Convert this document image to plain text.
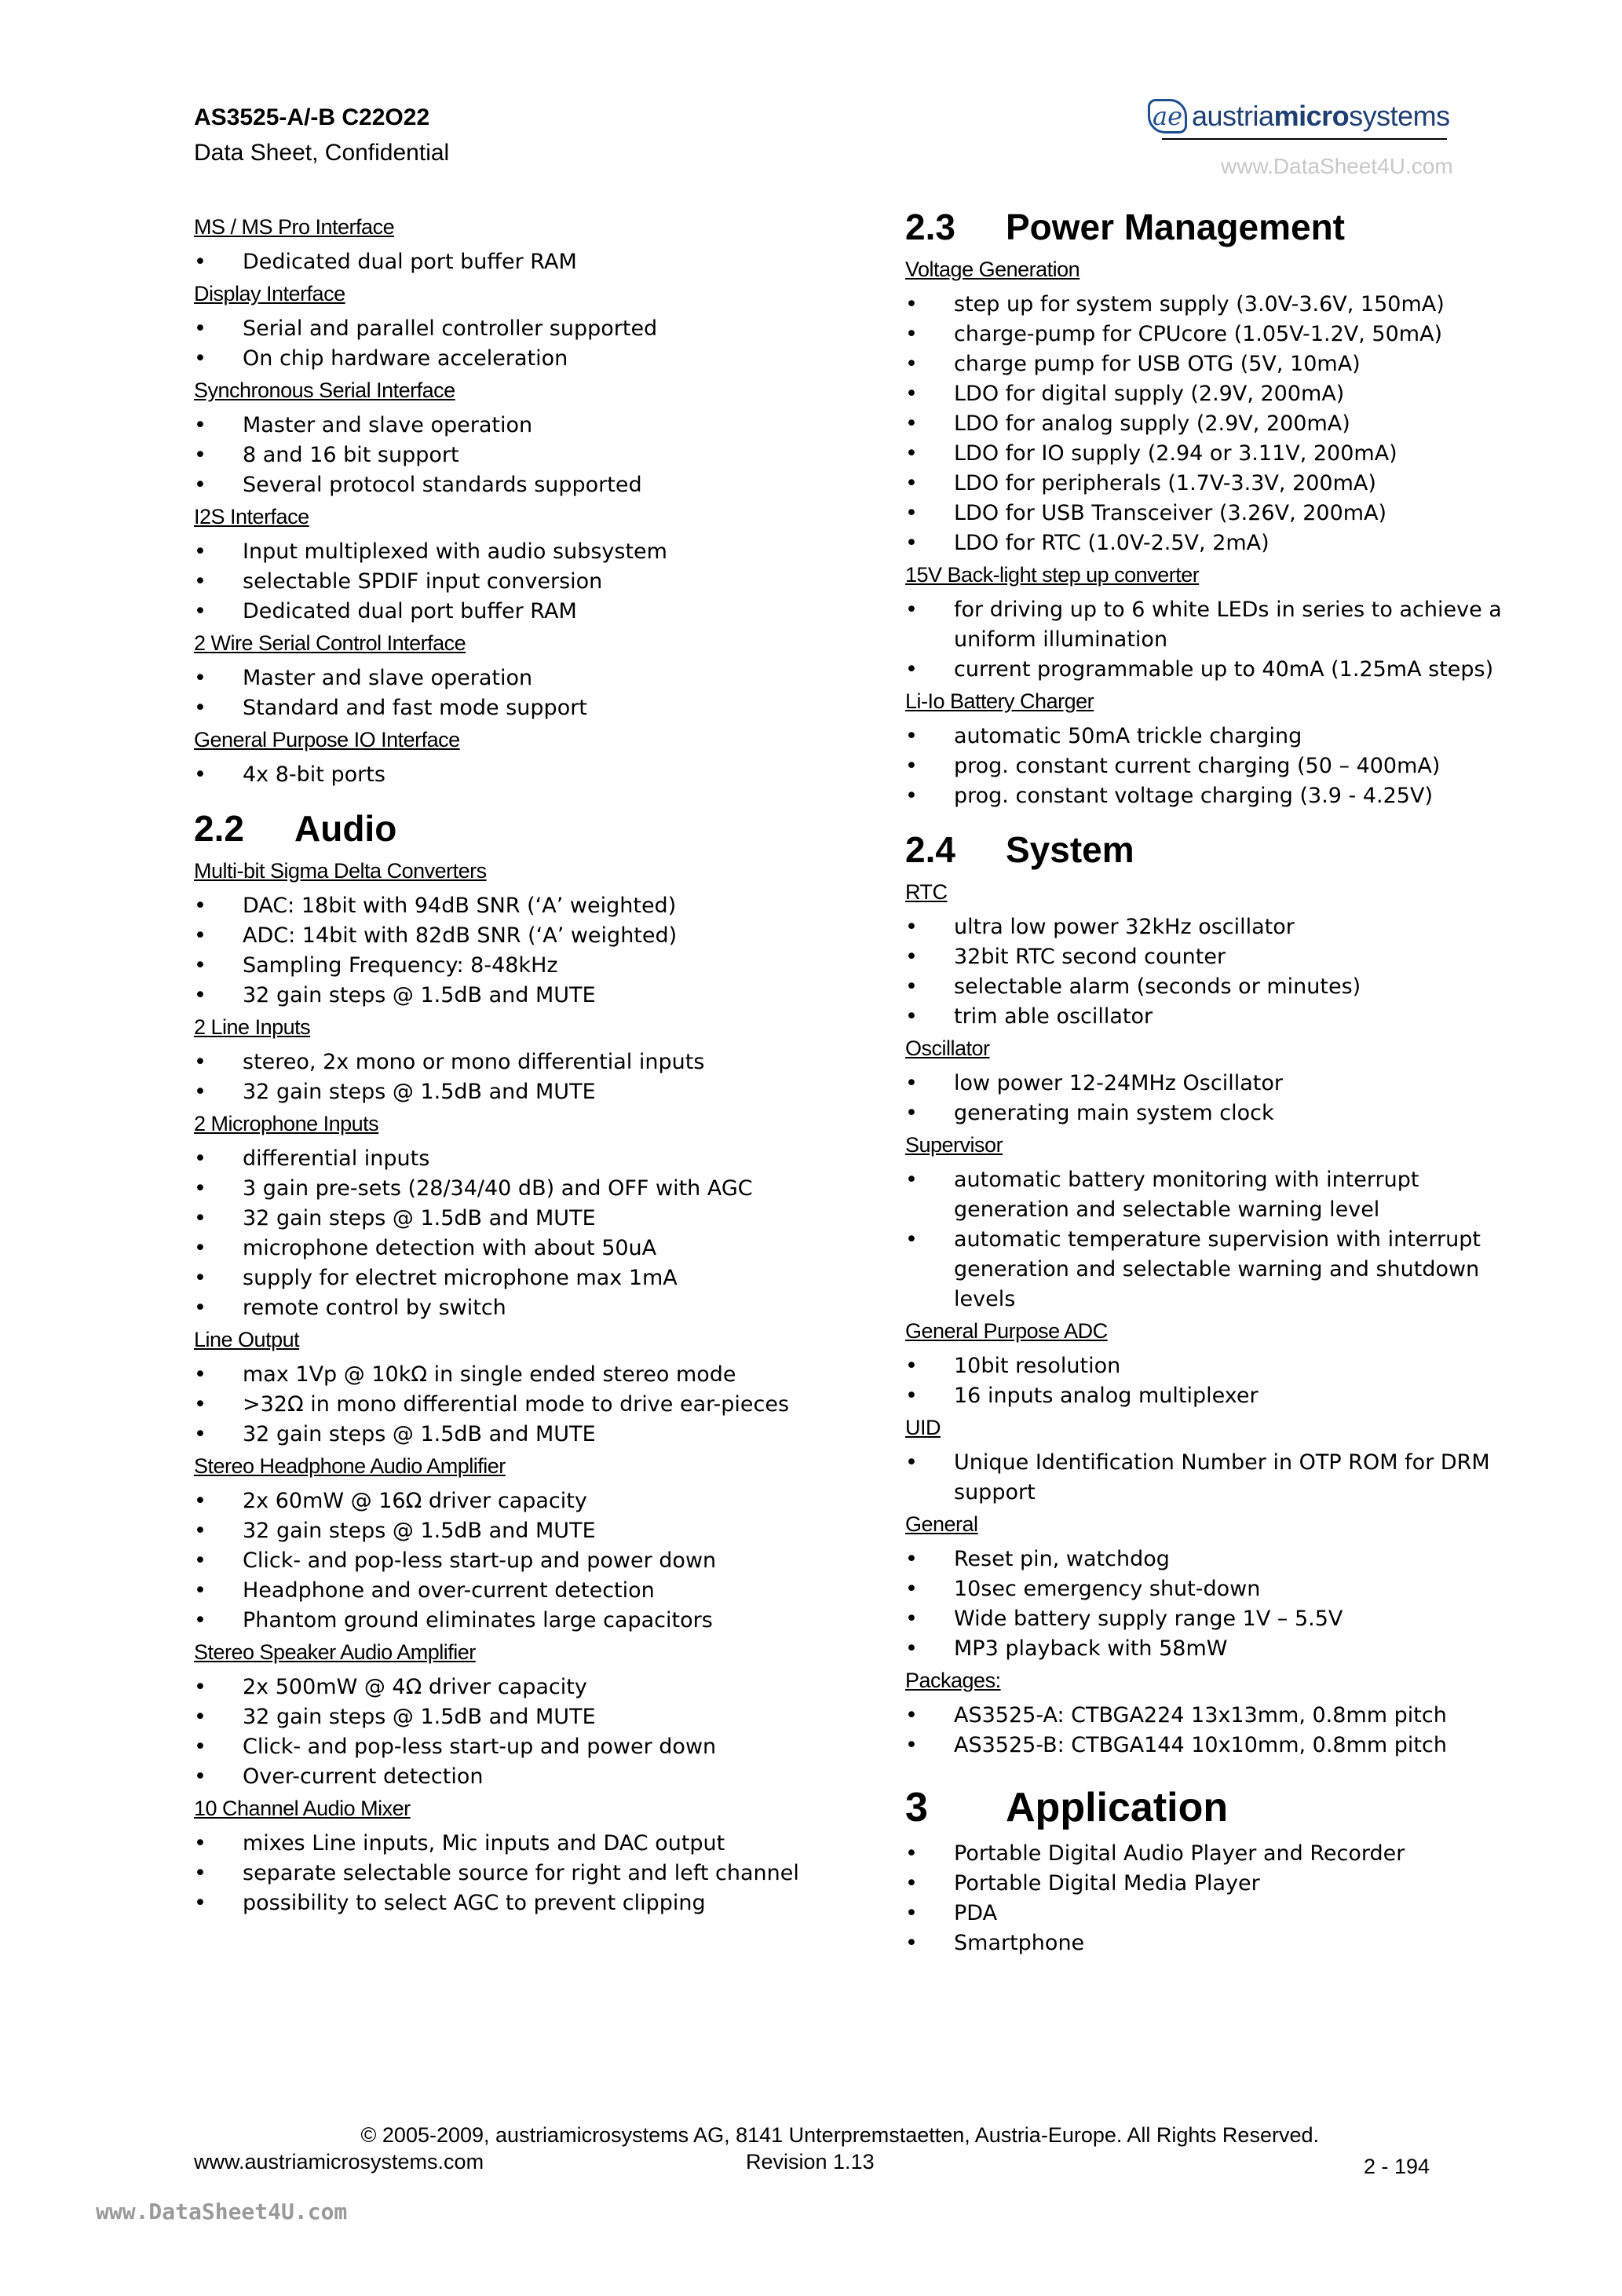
AS3525-A/-B C22O22
Data Sheet, Confidential
ae austriamicrosystems
www.DataSheet4U.com
MS / MS Pro Interface
• Dedicated dual port buffer RAM
Display Interface
• Serial and parallel controller supported
• On chip hardware acceleration
Synchronous Serial Interface
• Master and slave operation
• 8 and 16 bit support
• Several protocol standards supported
I2S Interface
• Input multiplexed with audio subsystem
• selectable SPDIF input conversion
• Dedicated dual port buffer RAM
2 Wire Serial Control Interface
• Master and slave operation
• Standard and fast mode support
General Purpose IO Interface
• 4x 8-bit ports
2.2	Audio
Multi-bit Sigma Delta Converters
• DAC: 18bit with 94dB SNR (‘A’ weighted)
• ADC: 14bit with 82dB SNR (‘A’ weighted)
• Sampling Frequency: 8-48kHz
• 32 gain steps @ 1.5dB and MUTE
2 Line Inputs
• stereo, 2x mono or mono differential inputs
• 32 gain steps @ 1.5dB and MUTE
2 Microphone Inputs
• differential inputs
• 3 gain pre-sets (28/34/40 dB) and OFF with AGC
• 32 gain steps @ 1.5dB and MUTE
• microphone detection with about 50uA
• supply for electret microphone max 1mA
• remote control by switch
Line Output
• max 1Vp @ 10kΩ in single ended stereo mode
• >32Ω in mono differential mode to drive ear-pieces
• 32 gain steps @ 1.5dB and MUTE
Stereo Headphone Audio Amplifier
• 2x 60mW @ 16Ω driver capacity
• 32 gain steps @ 1.5dB and MUTE
• Click- and pop-less start-up and power down
• Headphone and over-current detection
• Phantom ground eliminates large capacitors
Stereo Speaker Audio Amplifier
• 2x 500mW @ 4Ω driver capacity
• 32 gain steps @ 1.5dB and MUTE
• Click- and pop-less start-up and power down
• Over-current detection
10 Channel Audio Mixer
• mixes Line inputs, Mic inputs and DAC output
• separate selectable source for right and left channel
• possibility to select AGC to prevent clipping
2.3	Power Management
Voltage Generation
• step up for system supply (3.0V-3.6V, 150mA)
• charge-pump for CPUcore (1.05V-1.2V, 50mA)
• charge pump for USB OTG (5V, 10mA)
• LDO for digital supply (2.9V, 200mA)
• LDO for analog supply (2.9V, 200mA)
• LDO for IO supply (2.94 or 3.11V, 200mA)
• LDO for peripherals (1.7V-3.3V, 200mA)
• LDO for USB Transceiver (3.26V, 200mA)
• LDO for RTC (1.0V-2.5V, 2mA)
15V Back-light step up converter
• for driving up to 6 white LEDs in series to achieve a uniform illumination
• current programmable up to 40mA (1.25mA steps)
Li-Io Battery Charger
• automatic 50mA trickle charging
• prog. constant current charging (50 – 400mA)
• prog. constant voltage charging (3.9 - 4.25V)
2.4	System
RTC
• ultra low power 32kHz oscillator
• 32bit RTC second counter
• selectable alarm (seconds or minutes)
• trim able oscillator
Oscillator
• low power 12-24MHz Oscillator
• generating main system clock
Supervisor
• automatic battery monitoring with interrupt generation and selectable warning level
• automatic temperature supervision with interrupt generation and selectable warning and shutdown levels
General Purpose ADC
• 10bit resolution
• 16 inputs analog multiplexer
UID
• Unique Identification Number in OTP ROM for DRM support
General
• Reset pin, watchdog
• 10sec emergency shut-down
• Wide battery supply range 1V – 5.5V
• MP3 playback with 58mW
Packages:
• AS3525-A: CTBGA224 13x13mm, 0.8mm pitch
• AS3525-B: CTBGA144 10x10mm, 0.8mm pitch
3	Application
• Portable Digital Audio Player and Recorder
• Portable Digital Media Player
• PDA
• Smartphone
© 2005-2009, austriamicrosystems AG, 8141 Unterpremstaetten, Austria-Europe. All Rights Reserved.
www.austriamicrosystems.com	Revision 1.13	2 - 194
www.DataSheet4U.com
